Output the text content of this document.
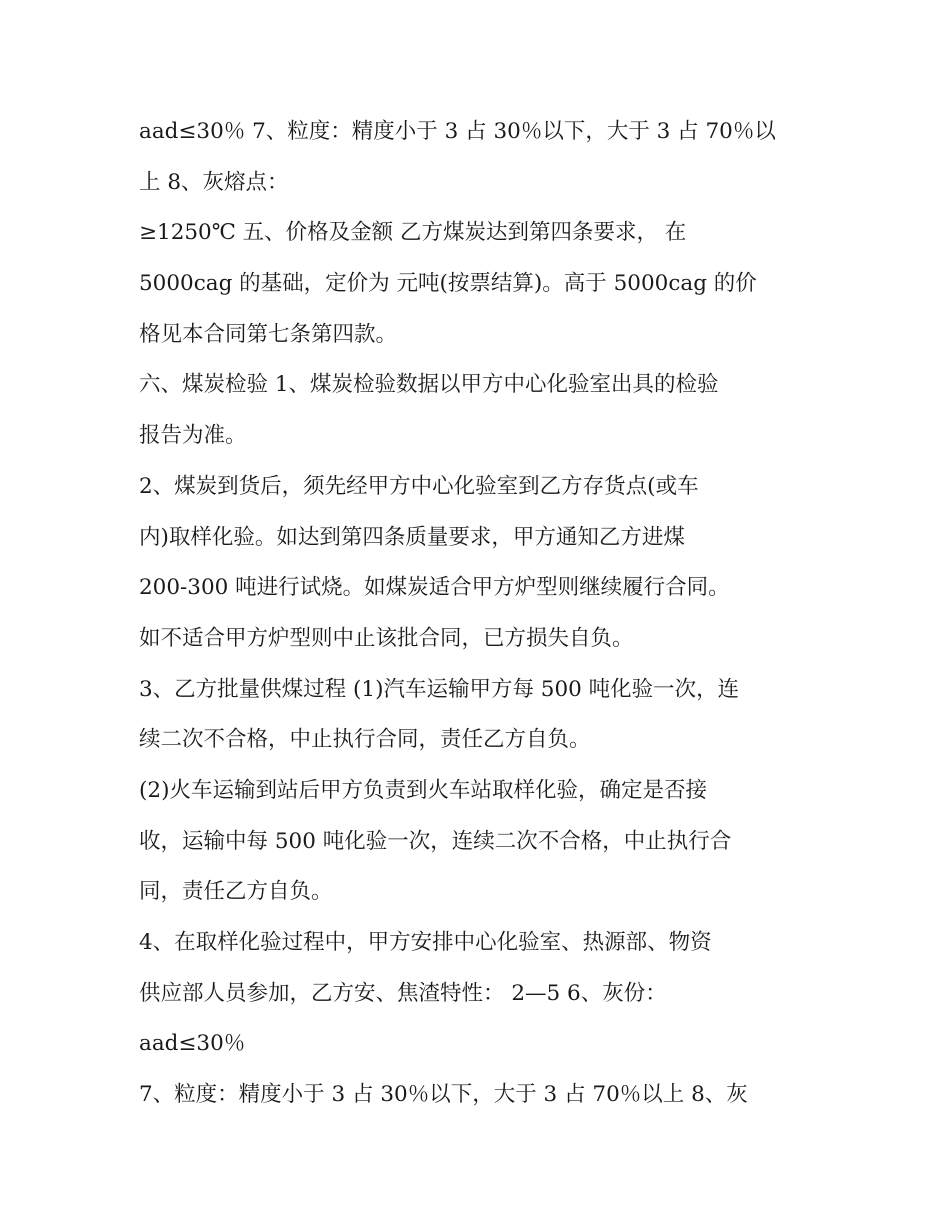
aad≤30％ 7、粒度：精度小于 3 占 30％以下，大于 3 占 70％以
上 8、灰熔点：
≥1250℃ 五、价格及金额 乙方煤炭达到第四条要求， 在
5000cag 的基础，定价为 元吨(按票结算)。高于 5000cag 的价
格见本合同第七条第四款。
六、煤炭检验 1、煤炭检验数据以甲方中心化验室出具的检验
报告为准。
2、煤炭到货后，须先经甲方中心化验室到乙方存货点(或车
内)取样化验。如达到第四条质量要求，甲方通知乙方进煤
200-300 吨进行试烧。如煤炭适合甲方炉型则继续履行合同。
如不适合甲方炉型则中止该批合同，已方损失自负。
3、乙方批量供煤过程 (1)汽车运输甲方每 500 吨化验一次，连
续二次不合格，中止执行合同，责任乙方自负。
(2)火车运输到站后甲方负责到火车站取样化验，确定是否接
收，运输中每 500 吨化验一次，连续二次不合格，中止执行合
同，责任乙方自负。
4、在取样化验过程中，甲方安排中心化验室、热源部、物资
供应部人员参加，乙方安、焦渣特性： 2—5 6、灰份：
aad≤30％
7、粒度：精度小于 3 占 30％以下，大于 3 占 70％以上 8、灰
